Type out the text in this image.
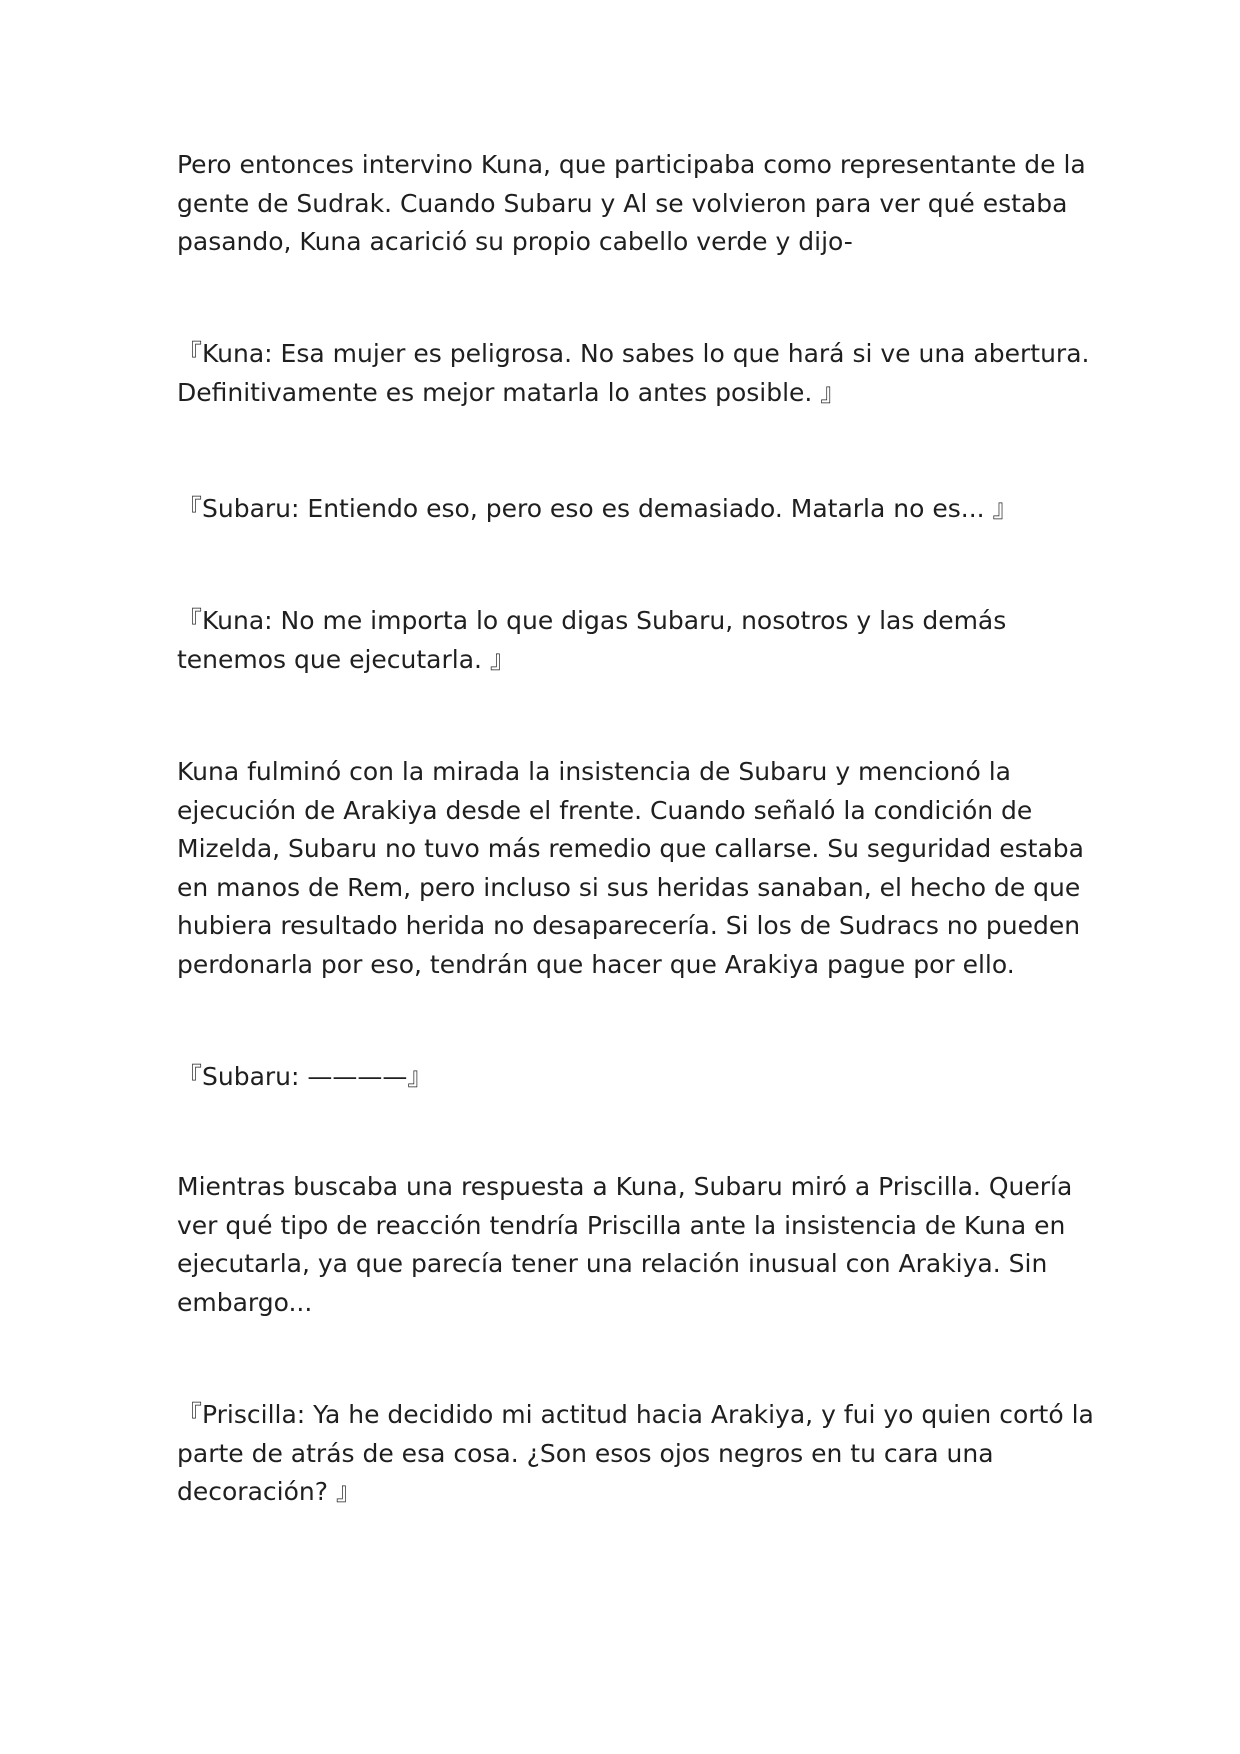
Pero entonces intervino Kuna, que participaba como representante de la
gente de Sudrak. Cuando Subaru y Al se volvieron para ver qué estaba
pasando, Kuna acarició su propio cabello verde y dijo-
『Kuna: Esa mujer es peligrosa. No sabes lo que hará si ve una abertura.
Definitivamente es mejor matarla lo antes posible. 』
『Subaru: Entiendo eso, pero eso es demasiado. Matarla no es... 』
『Kuna: No me importa lo que digas Subaru, nosotros y las demás
tenemos que ejecutarla. 』
Kuna fulminó con la mirada la insistencia de Subaru y mencionó la
ejecución de Arakiya desde el frente. Cuando señaló la condición de
Mizelda, Subaru no tuvo más remedio que callarse. Su seguridad estaba
en manos de Rem, pero incluso si sus heridas sanaban, el hecho de que
hubiera resultado herida no desaparecería. Si los de Sudracs no pueden
perdonarla por eso, tendrán que hacer que Arakiya pague por ello.
『Subaru: ————』
Mientras buscaba una respuesta a Kuna, Subaru miró a Priscilla. Quería
ver qué tipo de reacción tendría Priscilla ante la insistencia de Kuna en
ejecutarla, ya que parecía tener una relación inusual con Arakiya. Sin
embargo...
『Priscilla: Ya he decidido mi actitud hacia Arakiya, y fui yo quien cortó la
parte de atrás de esa cosa. ¿Son esos ojos negros en tu cara una
decoración? 』
